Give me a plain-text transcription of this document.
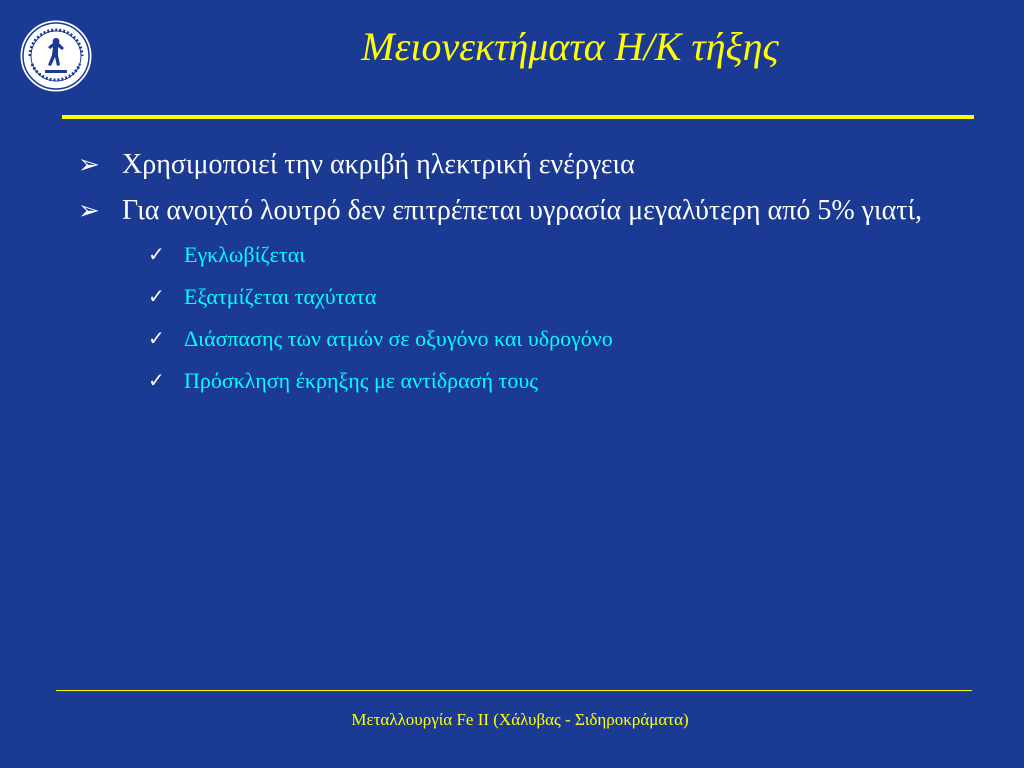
Μειονεκτήματα Η/Κ τήξης
➢ Χρησιμοποιεί την ακριβή ηλεκτρική ενέργεια
➢ Για ανοιχτό λουτρό δεν επιτρέπεται υγρασία μεγαλύτερη από 5% γιατί,
✓ Εγκλωβίζεται
✓ Εξατμίζεται ταχύτατα
✓ Διάσπασης των ατμών σε οξυγόνο και υδρογόνο
✓ Πρόσκληση έκρηξης με αντίδρασή τους
Μεταλλουργία Fe II (Χάλυβας - Σιδηροκράματα)
